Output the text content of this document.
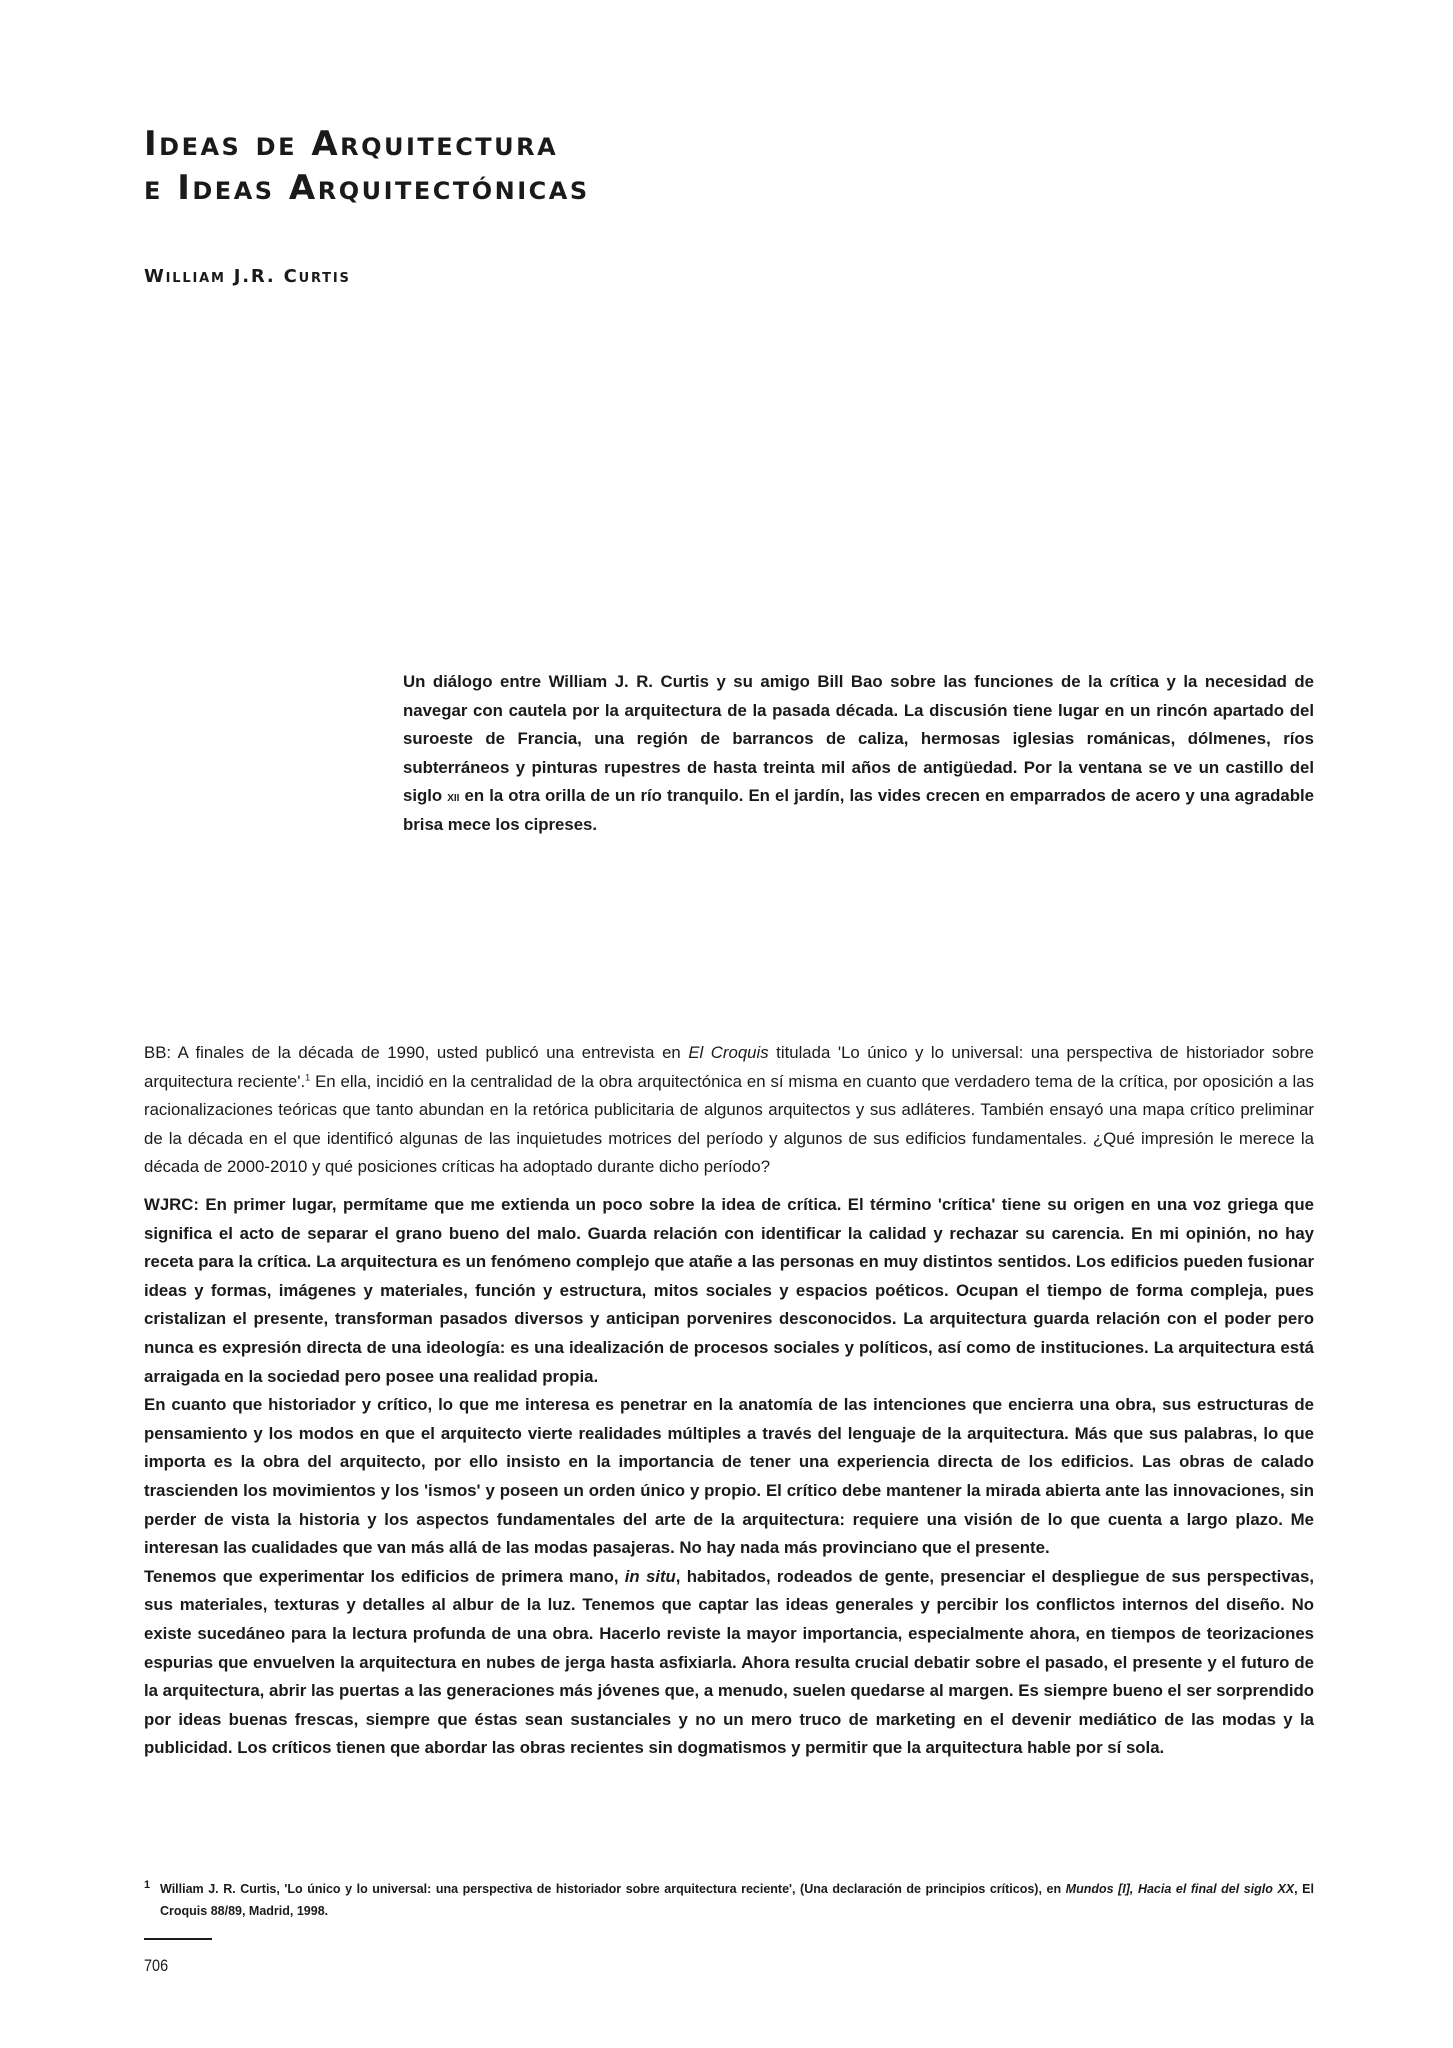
Ideas de Arquitectura
e Ideas Arquitectónicas

William J.R. Curtis

Un diálogo entre William J. R. Curtis y su amigo Bill Bao sobre las funciones de la crítica y la necesidad de navegar con cautela por la arquitectura de la pasada década. La discusión tiene lugar en un rincón apartado del suroeste de Francia, una región de barrancos de caliza, hermosas iglesias románicas, dólmenes, ríos subterráneos y pinturas rupestres de hasta treinta mil años de antigüedad. Por la ventana se ve un castillo del siglo xii en la otra orilla de un río tranquilo. En el jardín, las vides crecen en emparrados de acero y una agradable brisa mece los cipreses.

BB: A finales de la década de 1990, usted publicó una entrevista en El Croquis titulada 'Lo único y lo universal: una perspectiva de historiador sobre arquitectura reciente'.$^1$ En ella, incidió en la centralidad de la obra arquitectónica en sí misma en cuanto que verdadero tema de la crítica, por oposición a las racionalizaciones teóricas que tanto abundan en la retórica publicitaria de algunos arquitectos y sus adláteres. También ensayó una mapa crítico preliminar de la década en el que identificó algunas de las inquietudes motrices del período y algunos de sus edificios fundamentales. ¿Qué impresión le merece la década de 2000-2010 y qué posiciones críticas ha adoptado durante dicho período?

WJRC: En primer lugar, permítame que me extienda un poco sobre la idea de crítica. El término 'crítica' tiene su origen en una voz griega que significa el acto de separar el grano bueno del malo. Guarda relación con identificar la calidad y rechazar su carencia. En mi opinión, no hay receta para la crítica. La arquitectura es un fenómeno complejo que atañe a las personas en muy distintos sentidos. Los edificios pueden fusionar ideas y formas, imágenes y materiales, función y estructura, mitos sociales y espacios poéticos. Ocupan el tiempo de forma compleja, pues cristalizan el presente, transforman pasados diversos y anticipan porvenires desconocidos. La arquitectura guarda relación con el poder pero nunca es expresión directa de una ideología: es una idealización de procesos sociales y políticos, así como de instituciones. La arquitectura está arraigada en la sociedad pero posee una realidad propia.

En cuanto que historiador y crítico, lo que me interesa es penetrar en la anatomía de las intenciones que encierra una obra, sus estructuras de pensamiento y los modos en que el arquitecto vierte realidades múltiples a través del lenguaje de la arquitectura. Más que sus palabras, lo que importa es la obra del arquitecto, por ello insisto en la importancia de tener una experiencia directa de los edificios. Las obras de calado trascienden los movimientos y los 'ismos' y poseen un orden único y propio. El crítico debe mantener la mirada abierta ante las innovaciones, sin perder de vista la historia y los aspectos fundamentales del arte de la arquitectura: requiere una visión de lo que cuenta a largo plazo. Me interesan las cualidades que van más allá de las modas pasajeras. No hay nada más provinciano que el presente.

Tenemos que experimentar los edificios de primera mano, in situ, habitados, rodeados de gente, presenciar el despliegue de sus perspectivas, sus materiales, texturas y detalles al albur de la luz. Tenemos que captar las ideas generales y percibir los conflictos internos del diseño. No existe sucedáneo para la lectura profunda de una obra. Hacerlo reviste la mayor importancia, especialmente ahora, en tiempos de teorizaciones espurias que envuelven la arquitectura en nubes de jerga hasta asfixiarla. Ahora resulta crucial debatir sobre el pasado, el presente y el futuro de la arquitectura, abrir las puertas a las generaciones más jóvenes que, a menudo, suelen quedarse al margen. Es siempre bueno el ser sorprendido por ideas buenas frescas, siempre que éstas sean sustanciales y no un mero truco de marketing en el devenir mediático de las modas y la publicidad. Los críticos tienen que abordar las obras recientes sin dogmatismos y permitir que la arquitectura hable por sí sola.

1 William J. R. Curtis, 'Lo único y lo universal: una perspectiva de historiador sobre arquitectura reciente', (Una declaración de principios críticos), en Mundos [I], Hacia el final del siglo XX, El Croquis 88/89, Madrid, 1998.

706
